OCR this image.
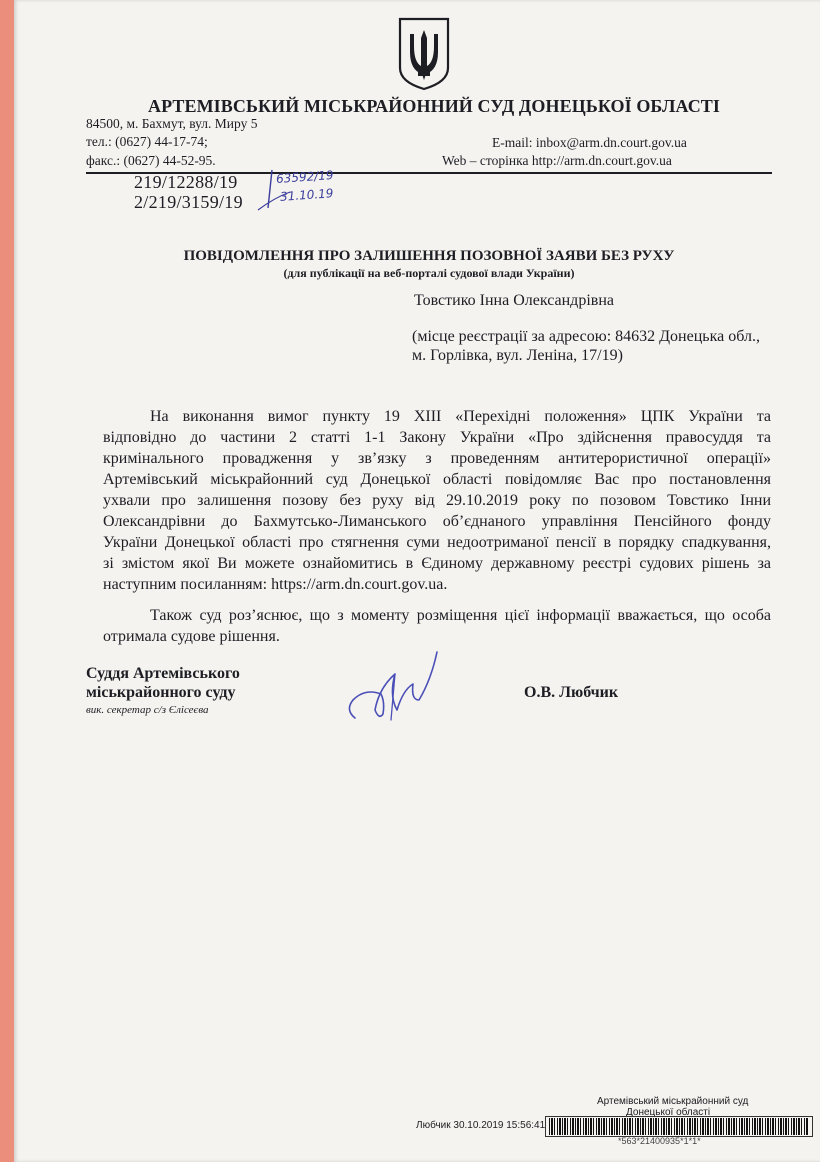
АРТЕМІВСЬКИЙ МІСЬКРАЙОННИЙ СУД ДОНЕЦЬКОЇ ОБЛАСТІ
84500, м. Бахмут, вул. Миру 5
тел.: (0627) 44-17-74;
факс.: (0627) 44-52-95.
E-mail: inbox@arm.dn.court.gov.ua
Web – сторінка http://arm.dn.court.gov.ua
219/12288/19
2/219/3159/19
63592/19
31.10.19
ПОВІДОМЛЕННЯ ПРО ЗАЛИШЕННЯ ПОЗОВНОЇ ЗАЯВИ БЕЗ РУХУ
(для публікації на веб-порталі судової влади України)
Товстико Інна Олександрівна
(місце реєстрації за адресою: 84632 Донецька обл.,
м. Горлівка, вул. Леніна, 17/19)
На виконання вимог пункту 19 XIII «Перехідні положення» ЦПК України та
відповідно до частини 2 статті 1-1 Закону України «Про здійснення правосуддя та
кримінального провадження у зв’язку з проведенням антитерористичної операції»
Артемівський міськрайонний суд Донецької області повідомляє Вас про постановлення
ухвали про залишення позову без руху від 29.10.2019 року по позовом Товстико Інни
Олександрівни до Бахмутсько-Лиманського об’єднаного управління Пенсійного фонду
України Донецької області про стягнення суми недоотриманої пенсії в порядку спадкування,
зі змістом якої Ви можете ознайомитись в Єдиному державному реєстрі судових рішень за
наступним посиланням: https://arm.dn.court.gov.ua.
Також суд роз’яснює, що з моменту розміщення цієї інформації вважається, що особа
отримала судове рішення.
Суддя Артемівського
міськрайонного суду
вик. секретар с/з Єлісеєва
О.В. Любчик
Артемівський міськрайонний суд
Донецької області
Любчик 30.10.2019 15:56:41
*563*21400935*1*1*
